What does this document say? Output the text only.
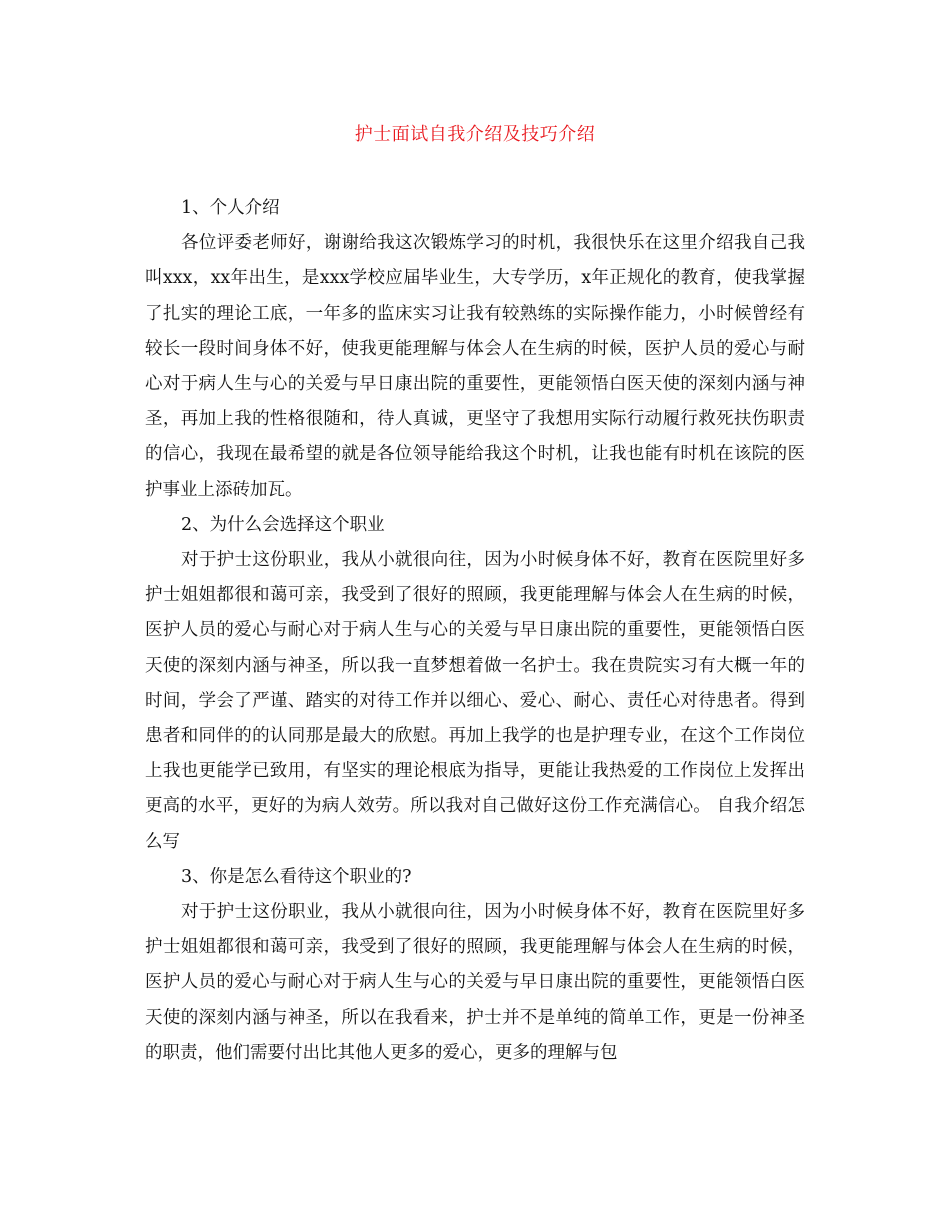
护士面试自我介绍及技巧介绍

1、个人介绍

各位评委老师好，谢谢给我这次锻炼学习的时机，我很快乐在这里介绍我自己我叫xxx，xx年出生，是xxx学校应届毕业生，大专学历，x年正规化的教育，使我掌握了扎实的理论工底，一年多的监床实习让我有较熟练的实际操作能力，小时候曾经有较长一段时间身体不好，使我更能理解与体会人在生病的时候，医护人员的爱心与耐心对于病人生与心的关爱与早日康出院的重要性，更能领悟白医天使的深刻内涵与神圣，再加上我的性格很随和，待人真诚，更坚守了我想用实际行动履行救死扶伤职责的信心，我现在最希望的就是各位领导能给我这个时机，让我也能有时机在该院的医护事业上添砖加瓦。

2、为什么会选择这个职业

对于护士这份职业，我从小就很向往，因为小时候身体不好，教育在医院里好多护士姐姐都很和蔼可亲，我受到了很好的照顾，我更能理解与体会人在生病的时候，医护人员的爱心与耐心对于病人生与心的关爱与早日康出院的重要性，更能领悟白医天使的深刻内涵与神圣，所以我一直梦想着做一名护士。我在贵院实习有大概一年的时间，学会了严谨、踏实的对待工作并以细心、爱心、耐心、责任心对待患者。得到患者和同伴的的认同那是最大的欣慰。再加上我学的也是护理专业，在这个工作岗位上我也更能学已致用，有坚实的理论根底为指导，更能让我热爱的工作岗位上发挥出更高的水平，更好的为病人效劳。所以我对自己做好这份工作充满信心。 自我介绍怎么写

3、你是怎么看待这个职业的?

对于护士这份职业，我从小就很向往，因为小时候身体不好，教育在医院里好多护士姐姐都很和蔼可亲，我受到了很好的照顾，我更能理解与体会人在生病的时候，医护人员的爱心与耐心对于病人生与心的关爱与早日康出院的重要性，更能领悟白医天使的深刻内涵与神圣，所以在我看来，护士并不是单纯的简单工作，更是一份神圣的职责，他们需要付出比其他人更多的爱心，更多的理解与包
